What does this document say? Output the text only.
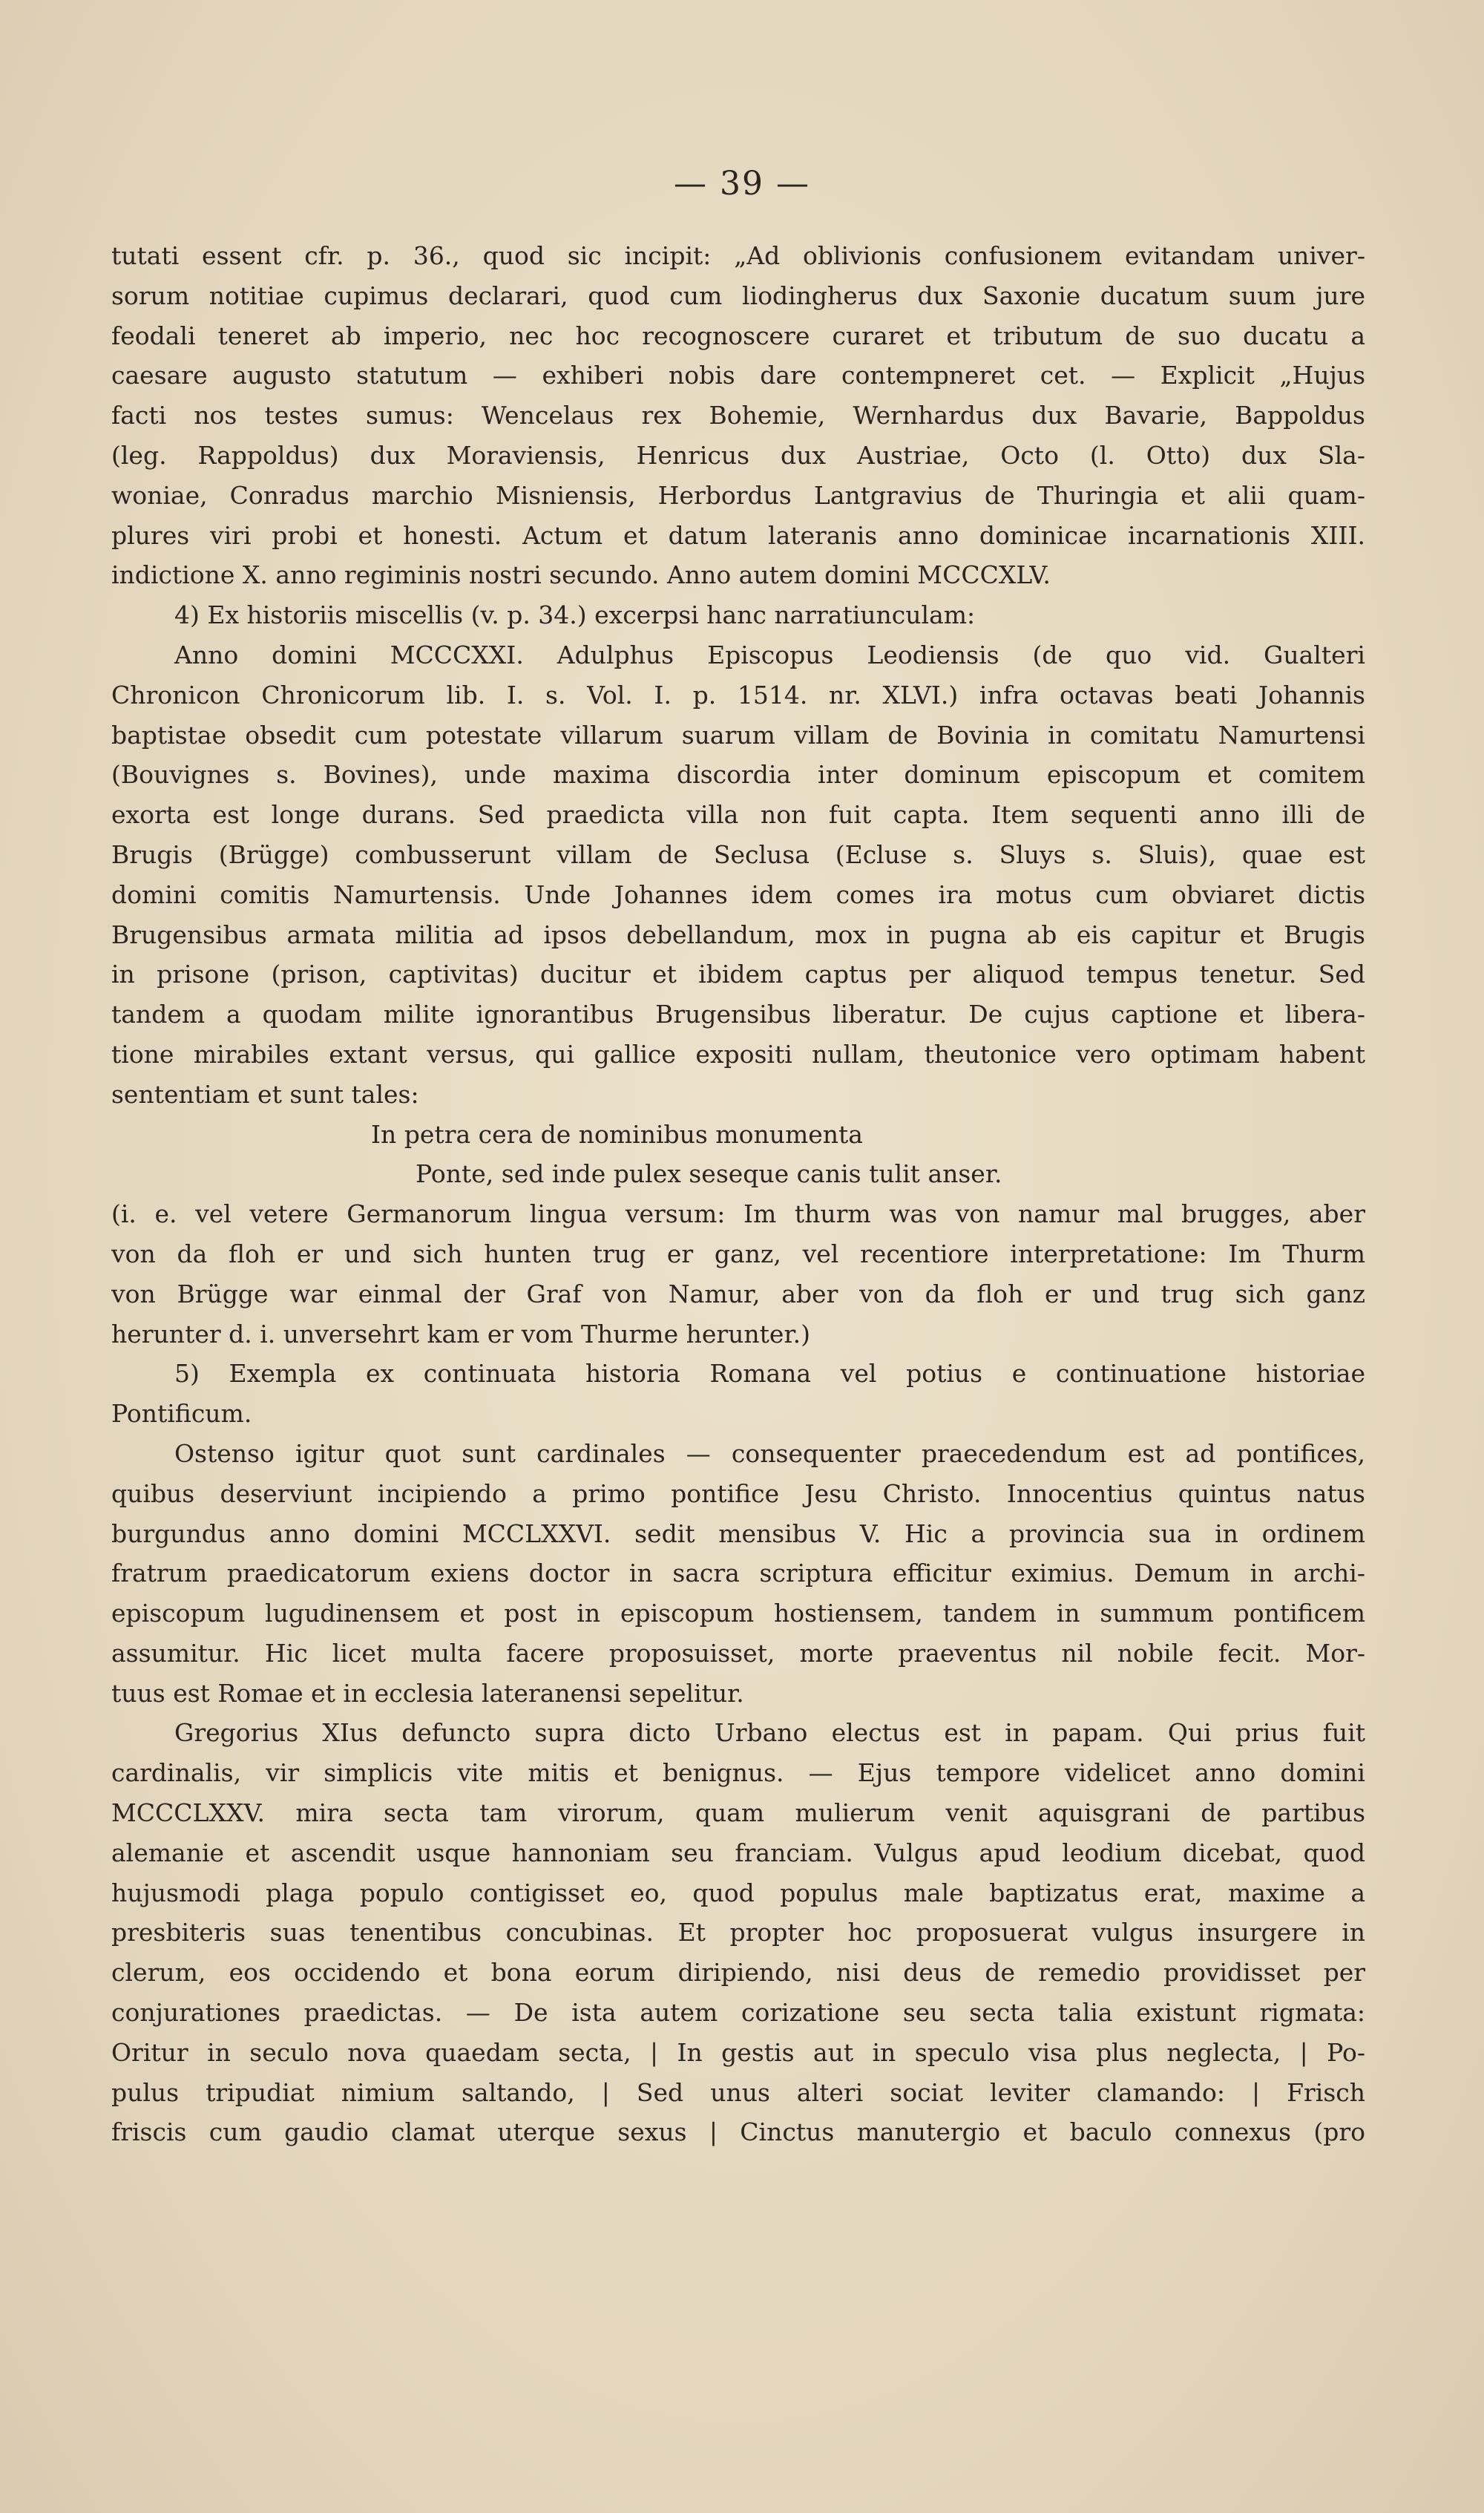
— 39 —
tutati essent cfr. p. 36., quod sic incipit: „Ad oblivionis confusionem evitandam univer-
sorum notitiae cupimus declarari, quod cum liodingherus dux Saxonie ducatum suum jure
feodali teneret ab imperio, nec hoc recognoscere curaret et tributum de suo ducatu a
caesare augusto statutum — exhiberi nobis dare contempneret cet. — Explicit „Hujus
facti nos testes sumus: Wencelaus rex Bohemie, Wernhardus dux Bavarie, Bappoldus
(leg. Rappoldus) dux Moraviensis, Henricus dux Austriae, Octo (l. Otto) dux Sla-
woniae, Conradus marchio Misniensis, Herbordus Lantgravius de Thuringia et alii quam-
plures viri probi et honesti. Actum et datum lateranis anno dominicae incarnationis XIII.
indictione X. anno regiminis nostri secundo. Anno autem domini MCCCXLV.
4) Ex historiis miscellis (v. p. 34.) excerpsi hanc narratiunculam:
Anno domini MCCCXXI. Adulphus Episcopus Leodiensis (de quo vid. Gualteri
Chronicon Chronicorum lib. I. s. Vol. I. p. 1514. nr. XLVI.) infra octavas beati Johannis
baptistae obsedit cum potestate villarum suarum villam de Bovinia in comitatu Namurtensi
(Bouvignes s. Bovines), unde maxima discordia inter dominum episcopum et comitem
exorta est longe durans. Sed praedicta villa non fuit capta. Item sequenti anno illi de
Brugis (Brügge) combusserunt villam de Seclusa (Ecluse s. Sluys s. Sluis), quae est
domini comitis Namurtensis. Unde Johannes idem comes ira motus cum obviaret dictis
Brugensibus armata militia ad ipsos debellandum, mox in pugna ab eis capitur et Brugis
in prisone (prison, captivitas) ducitur et ibidem captus per aliquod tempus tenetur. Sed
tandem a quodam milite ignorantibus Brugensibus liberatur. De cujus captione et libera-
tione mirabiles extant versus, qui gallice expositi nullam, theutonice vero optimam habent
sententiam et sunt tales:
In petra cera de nominibus monumenta
Ponte, sed inde pulex seseque canis tulit anser.
(i. e. vel vetere Germanorum lingua versum: Im thurm was von namur mal brugges, aber
von da floh er und sich hunten trug er ganz, vel recentiore interpretatione: Im Thurm
von Brügge war einmal der Graf von Namur, aber von da floh er und trug sich ganz
herunter d. i. unversehrt kam er vom Thurme herunter.)
5) Exempla ex continuata historia Romana vel potius e continuatione historiae
Pontificum.
Ostenso igitur quot sunt cardinales — consequenter praecedendum est ad pontifices,
quibus deserviunt incipiendo a primo pontifice Jesu Christo. Innocentius quintus natus
burgundus anno domini MCCLXXVI. sedit mensibus V. Hic a provincia sua in ordinem
fratrum praedicatorum exiens doctor in sacra scriptura efficitur eximius. Demum in archi-
episcopum lugudinensem et post in episcopum hostiensem, tandem in summum pontificem
assumitur. Hic licet multa facere proposuisset, morte praeventus nil nobile fecit. Mor-
tuus est Romae et in ecclesia lateranensi sepelitur.
Gregorius XIus defuncto supra dicto Urbano electus est in papam. Qui prius fuit
cardinalis, vir simplicis vite mitis et benignus. — Ejus tempore videlicet anno domini
MCCCLXXV. mira secta tam virorum, quam mulierum venit aquisgrani de partibus
alemanie et ascendit usque hannoniam seu franciam. Vulgus apud leodium dicebat, quod
hujusmodi plaga populo contigisset eo, quod populus male baptizatus erat, maxime a
presbiteris suas tenentibus concubinas. Et propter hoc proposuerat vulgus insurgere in
clerum, eos occidendo et bona eorum diripiendo, nisi deus de remedio providisset per
conjurationes praedictas. — De ista autem corizatione seu secta talia existunt rigmata:
Oritur in seculo nova quaedam secta, | In gestis aut in speculo visa plus neglecta, | Po-
pulus tripudiat nimium saltando, | Sed unus alteri sociat leviter clamando: | Frisch
friscis cum gaudio clamat uterque sexus | Cinctus manutergio et baculo connexus (pro
